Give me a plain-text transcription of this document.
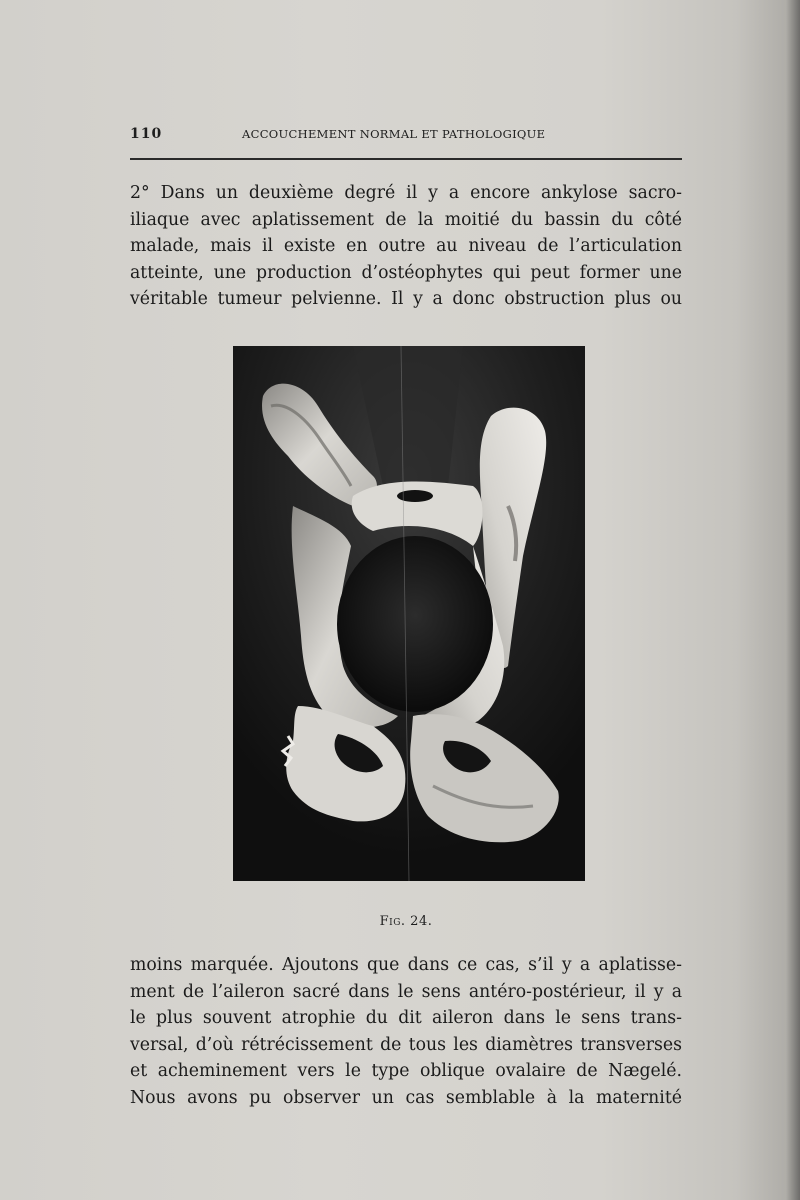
110	ACCOUCHEMENT NORMAL ET PATHOLOGIQUE

2° Dans un deuxième degré il y a encore ankylose sacro-
iliaque avec aplatissement de la moitié du bassin du côté
malade, mais il existe en outre au niveau de l’articulation
atteinte, une production d’ostéophytes qui peut former une
véritable tumeur pelvienne. Il y a donc obstruction plus ou

Fig. 24.

moins marquée. Ajoutons que dans ce cas, s’il y a aplatisse-
ment de l’aileron sacré dans le sens antéro-postérieur, il y a
le plus souvent atrophie du dit aileron dans le sens trans-
versal, d’où rétrécissement de tous les diamètres transverses
et acheminement vers le type oblique ovalaire de Nægelé.
Nous avons pu observer un cas semblable à la maternité
